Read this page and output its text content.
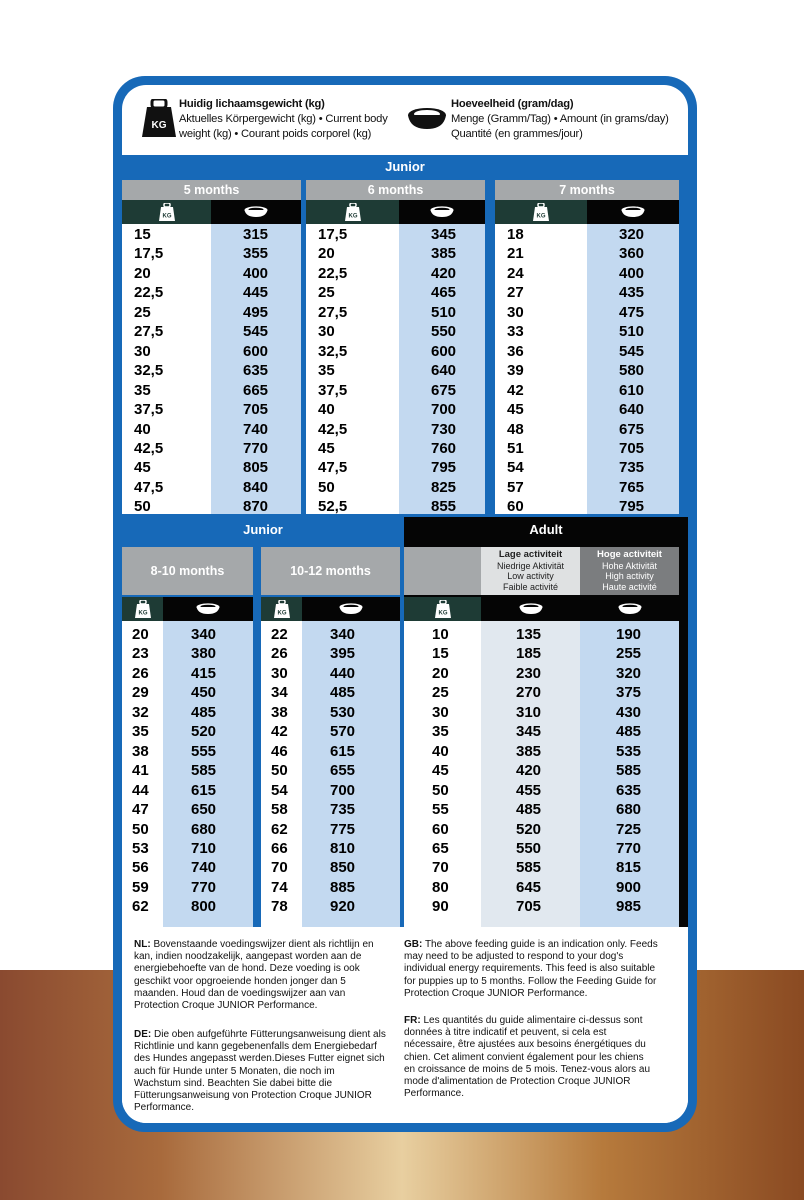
KG
Huidig lichaamsgewicht (kg)
Aktuelles Körpergewicht (kg) • Current body
weight (kg) • Courant poids corporel (kg)
Hoeveelheid (gram/dag)
Menge (Gramm/Tag) • Amount (in grams/day)
Quantité (en grammes/jour)
Junior
Junior	Adult
NL: Bovenstaande voedingswijzer dient als richtlijn en
kan, indien noodzakelijk, aangepast worden aan de
energiebehoefte van de hond. Deze voeding is ook
geschikt voor opgroeiende honden jonger dan 5
maanden. Houd dan de voedingswijzer aan van
Protection Croque JUNIOR Performance.

DE: Die oben aufgeführte Fütterungsanweisung dient als
Richtlinie und kann gegebenenfalls dem Energiebedarf
des Hundes angepasst werden.Dieses Futter eignet sich
auch für Hunde unter 5 Monaten, die noch im
Wachstum sind. Beachten Sie dabei bitte die
Fütterungsanweisung von Protection Croque JUNIOR
Performance.

GB: The above feeding guide is an indication only. Feeds
may need to be adjusted to respond to your dog's
individual energy requirements. This feed is also suitable
for puppies up to 5 months. Follow the Feeding Guide for
Protection Croque JUNIOR Performance.

FR: Les quantités du guide alimentaire ci-dessus sont
données à titre indicatif et peuvent, si cela est
nécessaire, être ajustées aux besoins énergétiques du
chien. Cet aliment convient également pour les chiens
en croissance de moins de 5 mois. Tenez-vous alors au
mode d'alimentation de Protection Croque JUNIOR
Performance.

5 months
KG
15
17,5
20
22,5
25
27,5
30
32,5
35
37,5
40
42,5
45
47,5
50
315
355
400
445
495
545
600
635
665
705
740
770
805
840
870
6 months
KG
17,5
20
22,5
25
27,5
30
32,5
35
37,5
40
42,5
45
47,5
50
52,5
345
385
420
465
510
550
600
640
675
700
730
760
795
825
855
7 months
KG
18
21
24
27
30
33
36
39
42
45
48
51
54
57
60
320
360
400
435
475
510
545
580
610
640
675
705
735
765
795
8-10 months
KG
20
23
26
29
32
35
38
41
44
47
50
53
56
59
62
340
380
415
450
485
520
555
585
615
650
680
710
740
770
800
10-12 months
KG
22
26
30
34
38
42
46
50
54
58
62
66
70
74
78
340
395
440
485
530
570
615
655
700
735
775
810
850
885
920
Lage activiteit
Niedrige Aktivität
Low activity
Faible activité
Hoge activiteit
Hohe Aktivität
High activity
Haute activité
KG
10
15
20
25
30
35
40
45
50
55
60
65
70
80
90
135
185
230
270
310
345
385
420
455
485
520
550
585
645
705
190
255
320
375
430
485
535
585
635
680
725
770
815
900
985
